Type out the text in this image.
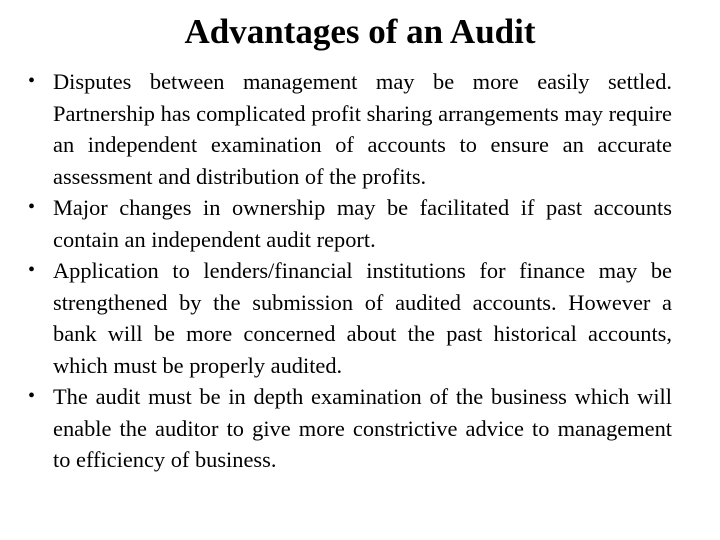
Advantages of an Audit
• Disputes between management may be more easily settled. Partnership has complicated profit sharing arrangements may require an independent examination of accounts to ensure an accurate assessment and distribution of the profits.
• Major changes in ownership may be facilitated if past accounts contain an independent audit report.
• Application to lenders/financial institutions for finance may be strengthened by the submission of audited accounts. However a bank will be more concerned about the past historical accounts, which must be properly audited.
• The audit must be in depth examination of the business which will enable the auditor to give more constrictive advice to management to efficiency of business.
